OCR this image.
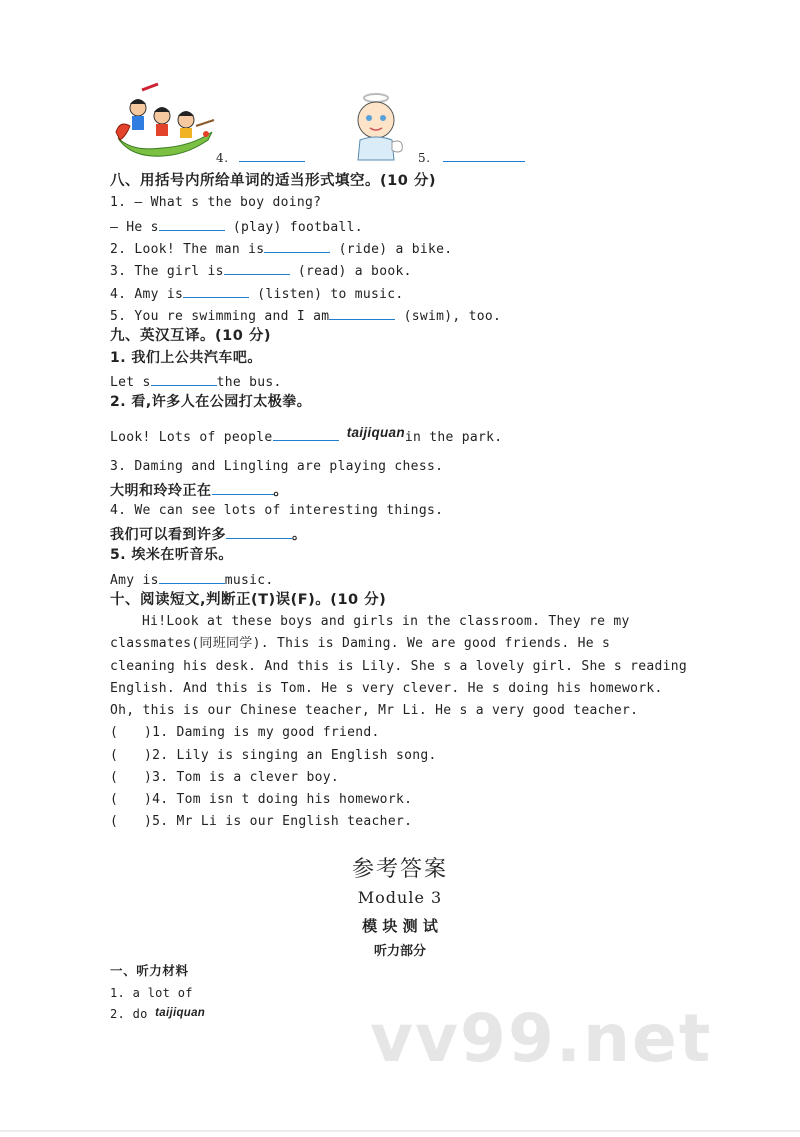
4.	5.
八、用括号内所给单词的适当形式填空。(10 分)
1. — What s the boy doing?
— He s	(play) football.
2. Look! The man is	(ride) a bike.
3. The girl is	(read) a book.
4. Amy is	(listen) to music.
5. You re swimming and I am	(swim), too.
九、英汉互译。(10 分)
1. 我们上公共汽车吧。
Let s	the bus.
2. 看,许多人在公园打太极拳。
Look! Lots of people	taijiquanin the park.
3. Daming and Lingling are playing chess.
大明和玲玲正在	。
4. We can see lots of interesting things.
我们可以看到许多	。
5. 埃米在听音乐。
Amy is	music.
十、阅读短文,判断正(T)误(F)。(10 分)
Hi!Look at these boys and girls in the classroom. They re my
classmates(同班同学). This is Daming. We are good friends. He s
cleaning his desk. And this is Lily. She s a lovely girl. She s reading
English. And this is Tom. He s very clever. He s doing his homework.
Oh, this is our Chinese teacher, Mr Li. He s a very good teacher.
( )1. Daming is my good friend.
( )2. Lily is singing an English song.
( )3. Tom is a clever boy.
( )4. Tom isn t doing his homework.
( )5. Mr Li is our English teacher.
参考答案
Module 3
模 块 测 试
听力部分
一、听力材料
1. a lot of
2. do taijiquan vv99.net
